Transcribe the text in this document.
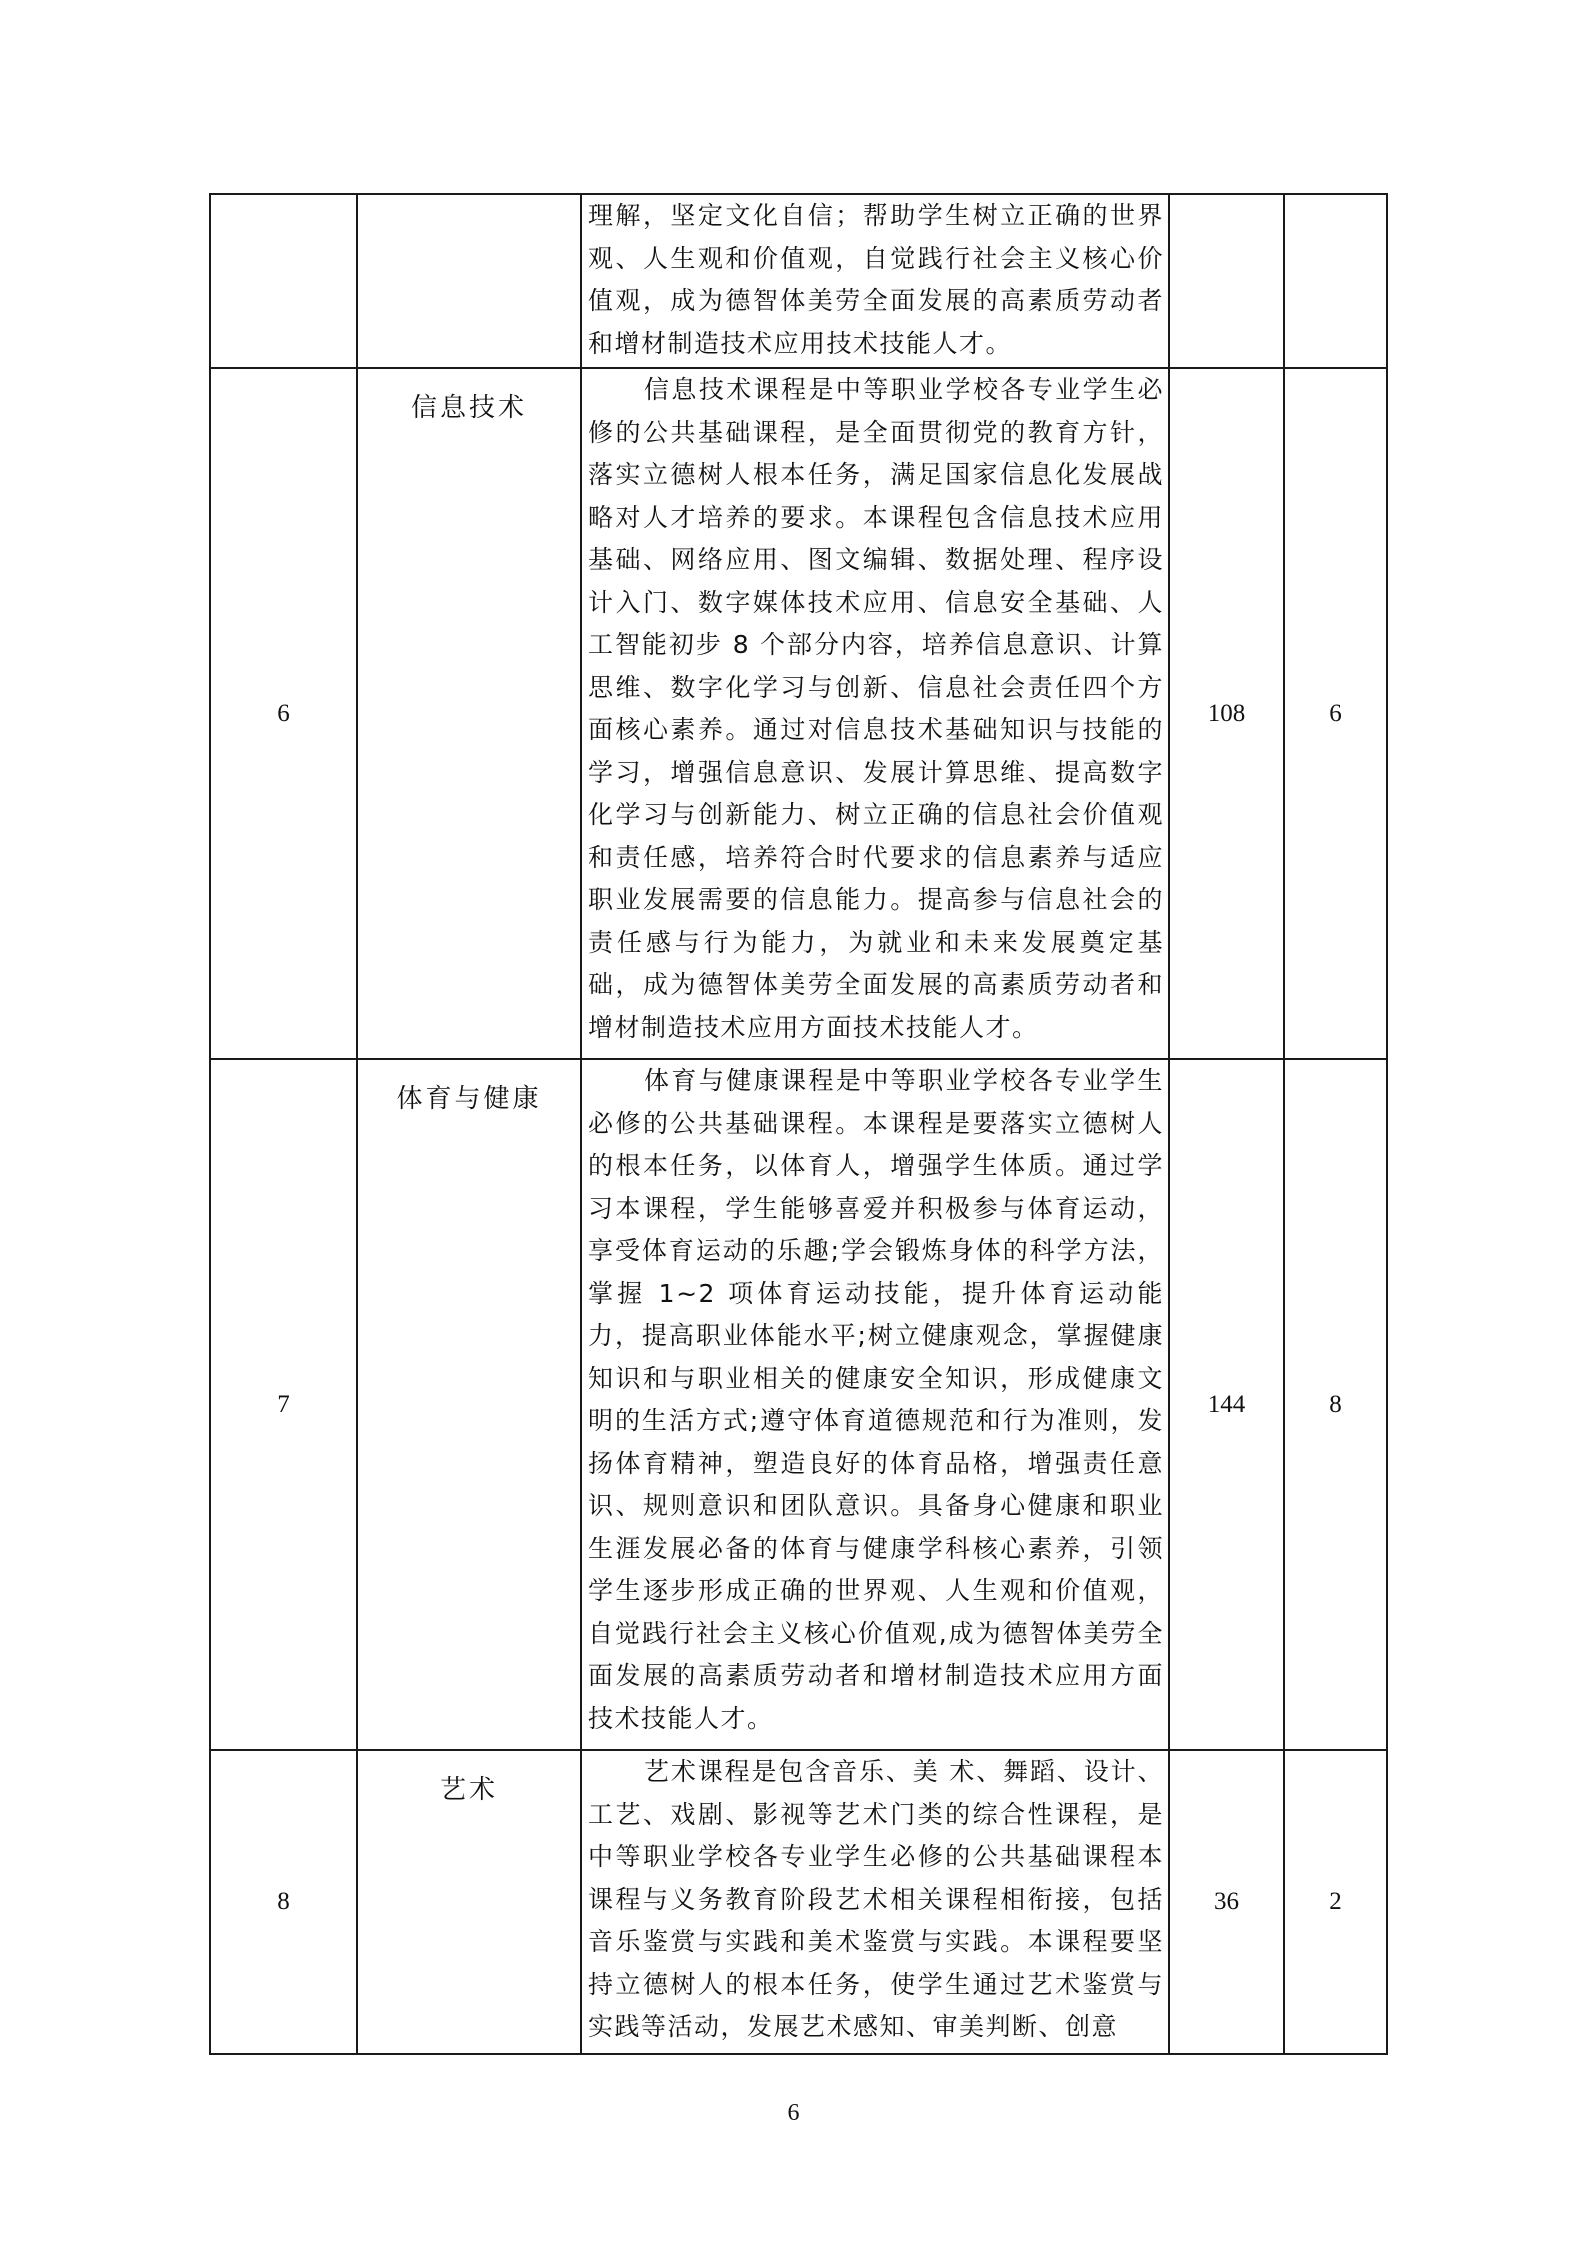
		理解，坚定文化自信；帮助学生树立正确的世界观、人生观和价值观，自觉践行社会主义核心价值观，成为德智体美劳全面发展的高素质劳动者和增材制造技术应用技术技能人才。		

6	信息技术	信息技术课程是中等职业学校各专业学生必修的公共基础课程，是全面贯彻党的教育方针，落实立德树人根本任务，满足国家信息化发展战略对人才培养的要求。本课程包含信息技术应用基础、网络应用、图文编辑、数据处理、程序设 计入门、数字媒体技术应用、信息安全基础、人工智能初步 8 个部分内容，培养信息意识、计算思维、数字化学习与创新、信息社会责任四个方面核心素养。通过对信息技术基础知识与技能的学习，增强信息意识、发展计算思维、提高数字化学习与创新能力、树立正确的信息社会价值观和责任感，培养符合时代要求的信息素养与适应职业发展需要的信息能力。提高参与信息社会的责任感与行为能力，为就业和未来发展奠定基础，成为德智体美劳全面发展的高素质劳动者和增材制造技术应用方面技术技能人才。	108	6
7	体育与健康	体育与健康课程是中等职业学校各专业学生必修的公共基础课程。本课程是要落实立德树人的根本任务，以体育人，增强学生体质。通过学习本课程，学生能够喜爱并积极参与体育运动，享受体育运动的乐趣;学会锻炼身体的科学方法，掌握 1~2 项体育运动技能，提升体育运动能力，提高职业体能水平;树立健康观念，掌握健康知识和与职业相关的健康安全知识，形成健康文明的生活方式;遵守体育道德规范和行为准则，发扬体育精神，塑造良好的体育品格，增强责任意识、规则意识和团队意识。具备身心健康和职业生涯发展必备的体育与健康学科核心素养，引领学生逐步形成正确的世界观、人生观和价值观，自觉践行社会主义核心价值观,成为德智体美劳全面发展的高素质劳动者和增材制造技术应用方面技术技能人才。	144	8
8	艺术	艺术课程是包含音乐、美 术、舞蹈、设计、工艺、戏剧、影视等艺术门类的综合性课程，是中等职业学校各专业学生必修的公共基础课程本课程与义务教育阶段艺术相关课程相衔接，包括音乐鉴赏与实践和美术鉴赏与实践。本课程要坚持立德树人的根本任务，使学生通过艺术鉴赏与实践等活动，发展艺术感知、审美判断、创意	36	2
6
